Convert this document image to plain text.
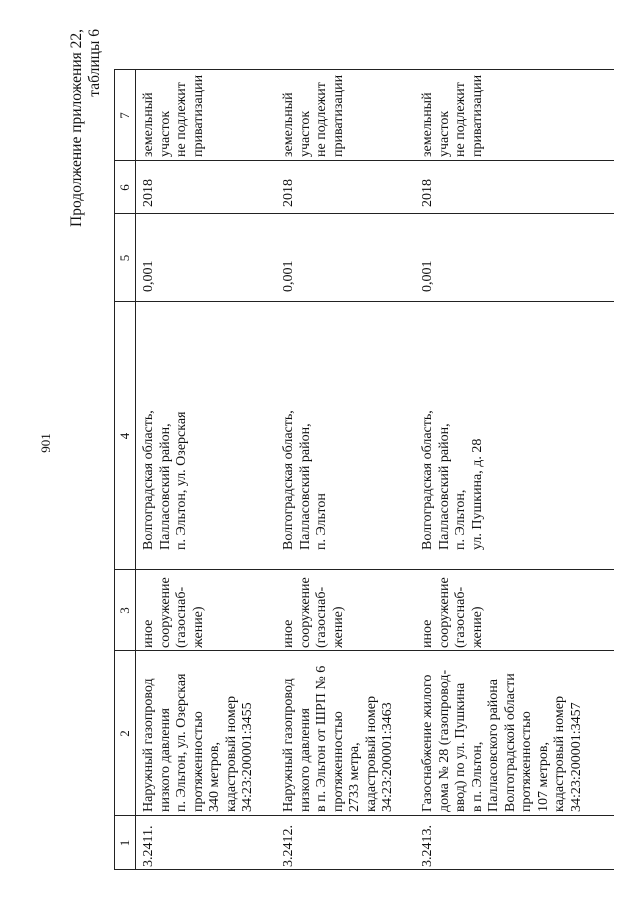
901
Продолжение приложения 22, таблицы 6
1
2
3
4
5
6
7
3.2411.
Наружный газопровод
низкого давления
п. Эльтон, ул. Озерская
протяженностью
340 метров,
кадастровый номер
34:23:200001:3455
иное
сооружение
(газоснаб-
жение)
Волгоградская область,
Палласовский район,
п. Эльтон, ул. Озерская
0,001
2018
земельный
участок
не подлежит
приватизации
3.2412.
Наружный газопровод
низкого давления
в п. Эльтон от ШРП № 6
протяженностью
2733 метра,
кадастровый номер
34:23:200001:3463
иное
сооружение
(газоснаб-
жение)
Волгоградская область,
Палласовский район,
п. Эльтон
0,001
2018
земельный
участок
не подлежит
приватизации
3.2413.
Газоснабжение жилого
дома № 28 (газопровод-
ввод) по ул. Пушкина
в п. Эльтон,
Палласовского района
Волгоградской области
протяженностью
107 метров,
кадастровый номер
34:23:200001:3457
иное
сооружение
(газоснаб-
жение)
Волгоградская область,
Палласовский район,
п. Эльтон,
ул. Пушкина, д. 28
0,001
2018
земельный
участок
не подлежит
приватизации
